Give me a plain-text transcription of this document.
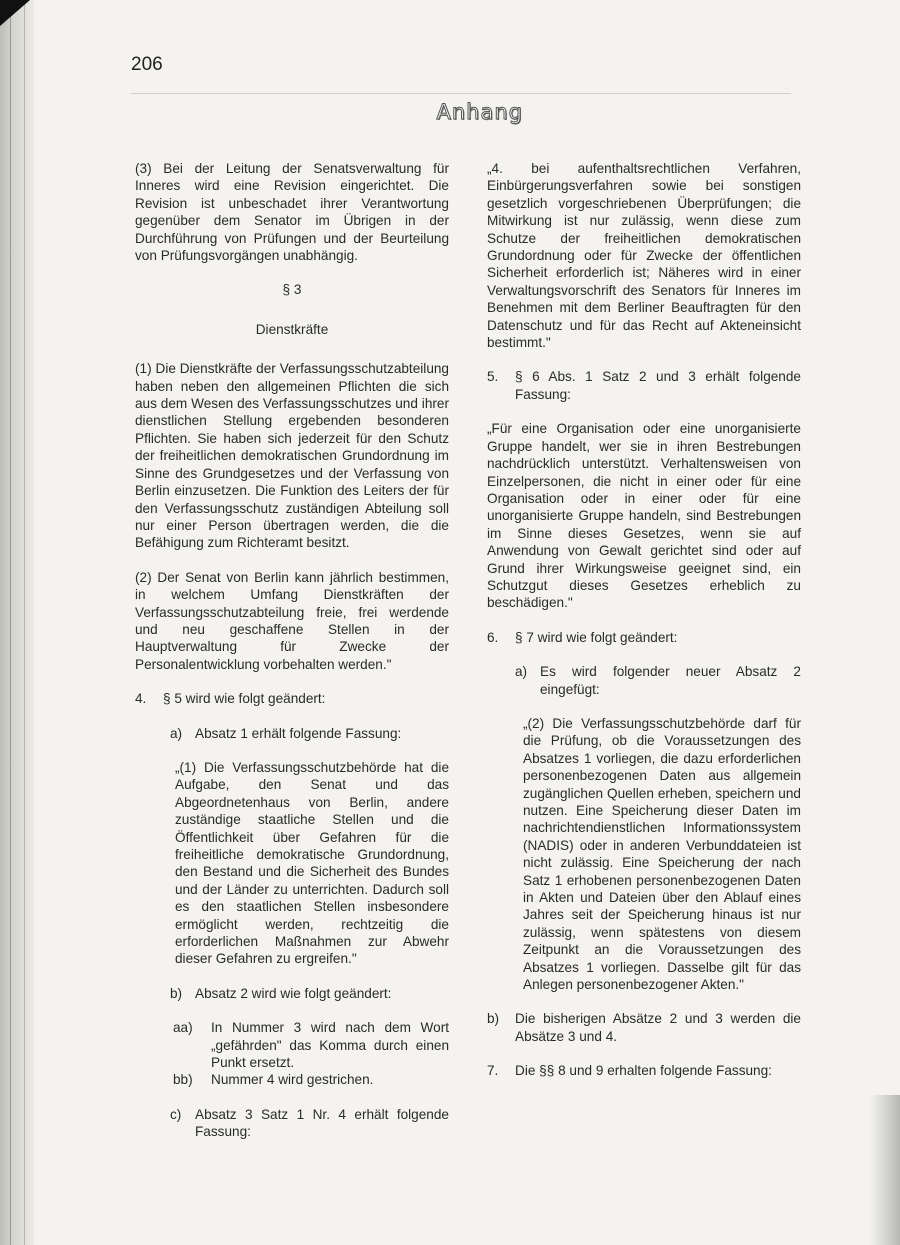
206
Anhang

(3) Bei der Leitung der Senatsverwaltung für Inneres wird eine Revision eingerichtet. Die Revision ist unbeschadet ihrer Verantwortung gegenüber dem Senator im Übrigen in der Durchführung von Prüfungen und der Beurteilung von Prüfungsvorgängen unabhängig.

§ 3

Dienstkräfte

(1) Die Dienstkräfte der Verfassungsschutzabteilung haben neben den allgemeinen Pflichten die sich aus dem Wesen des Verfassungsschutzes und ihrer dienstlichen Stellung ergebenden besonderen Pflichten. Sie haben sich jederzeit für den Schutz der freiheitlichen demokratischen Grundordnung im Sinne des Grundgesetzes und der Verfassung von Berlin einzusetzen. Die Funktion des Leiters der für den Verfassungsschutz zuständigen Abteilung soll nur einer Person übertragen werden, die die Befähigung zum Richteramt besitzt.

(2) Der Senat von Berlin kann jährlich bestimmen, in welchem Umfang Dienstkräften der Verfassungsschutzabteilung freie, frei werdende und neu geschaffene Stellen in der Hauptverwaltung für Zwecke der Personalentwicklung vorbehalten werden."

4.	§ 5 wird wie folgt geändert:
a) Absatz 1 erhält folgende Fassung:

„(1) Die Verfassungsschutzbehörde hat die Aufgabe, den Senat und das Abgeordnetenhaus von Berlin, andere zuständige staatliche Stellen und die Öffentlichkeit über Gefahren für die freiheitliche demokratische Grundordnung, den Bestand und die Sicherheit des Bundes und der Länder zu unterrichten. Dadurch soll es den staatlichen Stellen insbesondere ermöglicht werden, rechtzeitig die erforderlichen Maßnahmen zur Abwehr dieser Gefahren zu ergreifen."

b) Absatz 2 wird wie folgt geändert:
aa)	In Nummer 3 wird nach dem Wort „gefährden" das Komma durch einen Punkt ersetzt.
bb)	Nummer 4 wird gestrichen.
c)	Absatz 3 Satz 1 Nr. 4 erhält folgende Fassung:

„4. bei aufenthaltsrechtlichen Verfahren, Einbürgerungsverfahren sowie bei sonstigen gesetzlich vorgeschriebenen Überprüfungen; die Mitwirkung ist nur zulässig, wenn diese zum Schutze der freiheitlichen demokratischen Grundordnung oder für Zwecke der öffentlichen Sicherheit erforderlich ist; Näheres wird in einer Verwaltungsvorschrift des Senators für Inneres im Benehmen mit dem Berliner Beauftragten für den Datenschutz und für das Recht auf Akteneinsicht bestimmt."

5.	§ 6 Abs. 1 Satz 2 und 3 erhält folgende Fassung:

„Für eine Organisation oder eine unorganisierte Gruppe handelt, wer sie in ihren Bestrebungen nachdrücklich unterstützt. Verhaltensweisen von Einzelpersonen, die nicht in einer oder für eine Organisation oder in einer oder für eine unorganisierte Gruppe handeln, sind Bestrebungen im Sinne dieses Gesetzes, wenn sie auf Anwendung von Gewalt gerichtet sind oder auf Grund ihrer Wirkungsweise geeignet sind, ein Schutzgut dieses Gesetzes erheblich zu beschädigen."

6.	§ 7 wird wie folgt geändert:
a) Es wird folgender neuer Absatz 2 eingefügt:

„(2) Die Verfassungsschutzbehörde darf für die Prüfung, ob die Voraussetzungen des Absatzes 1 vorliegen, die dazu erforderlichen personenbezogenen Daten aus allgemein zugänglichen Quellen erheben, speichern und nutzen. Eine Speicherung dieser Daten im nachrichtendienstlichen Informationssystem (NADIS) oder in anderen Verbunddateien ist nicht zulässig. Eine Speicherung der nach Satz 1 erhobenen personenbezogenen Daten in Akten und Dateien über den Ablauf eines Jahres seit der Speicherung hinaus ist nur zulässig, wenn spätestens von diesem Zeitpunkt an die Voraussetzungen des Absatzes 1 vorliegen. Dasselbe gilt für das Anlegen personenbezogener Akten."

b)	Die bisherigen Absätze 2 und 3 werden die Absätze 3 und 4.
7.	Die §§ 8 und 9 erhalten folgende Fassung:
